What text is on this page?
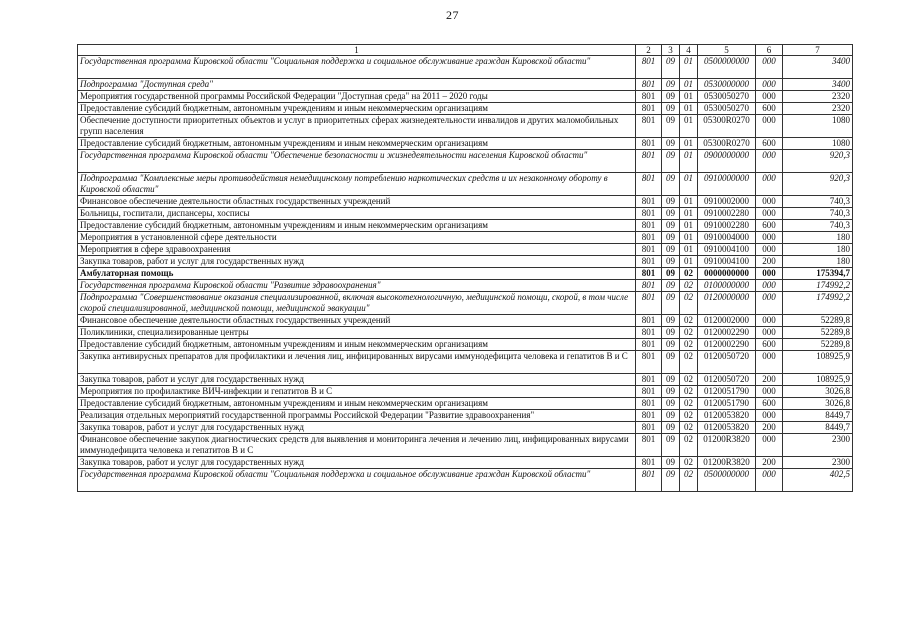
27
1	2	3	4	5	6	7
Государственная программа Кировской области "Социальная поддержка и социальное обслуживание граждан Кировской области"	801	09	01	0500000000	000	3400
Подпрограмма "Доступная среда"	801	09	01	0530000000	000	3400
Мероприятия государственной программы Российской Федерации "Доступная среда" на 2011 – 2020 годы	801	09	01	0530050270	000	2320
Предоставление субсидий бюджетным, автономным учреждениям и иным некоммерческим организациям	801	09	01	0530050270	600	2320
Обеспечение доступности приоритетных объектов и услуг в приоритетных сферах жизнедеятельности инвалидов и других маломобильных групп населения	801	09	01	05300R0270	000	1080
Предоставление субсидий бюджетным, автономным учреждениям и иным некоммерческим организациям	801	09	01	05300R0270	600	1080
Государственная программа Кировской области "Обеспечение безопасности и жизнедеятельности населения Кировской области"	801	09	01	0900000000	000	920,3
Подпрограмма "Комплексные меры противодействия немедицинскому потреблению наркотических средств и их незаконному обороту в Кировской области"	801	09	01	0910000000	000	920,3
Финансовое обеспечение деятельности областных государственных учреждений	801	09	01	0910002000	000	740,3
Больницы, госпитали, диспансеры, хосписы	801	09	01	0910002280	000	740,3
Предоставление субсидий бюджетным, автономным учреждениям и иным некоммерческим организациям	801	09	01	0910002280	600	740,3
Мероприятия в установленной сфере деятельности	801	09	01	0910004000	000	180
Мероприятия в сфере здравоохранения	801	09	01	0910004100	000	180
Закупка товаров, работ и услуг для государственных нужд	801	09	01	0910004100	200	180
Амбулаторная помощь	801	09	02	0000000000	000	175394,7
Государственная программа Кировской области "Развитие здравоохранения"	801	09	02	0100000000	000	174992,2
Подпрограмма "Совершенствование оказания специализированной, включая высокотехнологичную, медицинской помощи, скорой, в том числе скорой специализированной, медицинской помощи, медицинской эвакуации"	801	09	02	0120000000	000	174992,2
Финансовое обеспечение деятельности областных государственных учреждений	801	09	02	0120002000	000	52289,8
Поликлиники, специализированные центры	801	09	02	0120002290	000	52289,8
Предоставление субсидий бюджетным, автономным учреждениям и иным некоммерческим организациям	801	09	02	0120002290	600	52289,8
Закупка антивирусных препаратов для профилактики и лечения лиц, инфицированных вирусами иммунодефицита человека и гепатитов В и С	801	09	02	0120050720	000	108925,9
Закупка товаров, работ и услуг для государственных нужд	801	09	02	0120050720	200	108925,9
Мероприятия по профилактике ВИЧ-инфекции и гепатитов В и С	801	09	02	0120051790	000	3026,8
Предоставление субсидий бюджетным, автономным учреждениям и иным некоммерческим организациям	801	09	02	0120051790	600	3026,8
Реализация отдельных мероприятий государственной программы Российской Федерации "Развитие здравоохранения"	801	09	02	0120053820	000	8449,7
Закупка товаров, работ и услуг для государственных нужд	801	09	02	0120053820	200	8449,7
Финансовое обеспечение закупок диагностических средств для выявления и мониторинга лечения и лечению лиц, инфицированных вирусами иммунодефицита человека и гепатитов В и С	801	09	02	01200R3820	000	2300
Закупка товаров, работ и услуг для государственных нужд	801	09	02	01200R3820	200	2300
Государственная программа Кировской области "Социальная поддержка и социальное обслуживание граждан Кировской области"	801	09	02	0500000000	000	402,5
